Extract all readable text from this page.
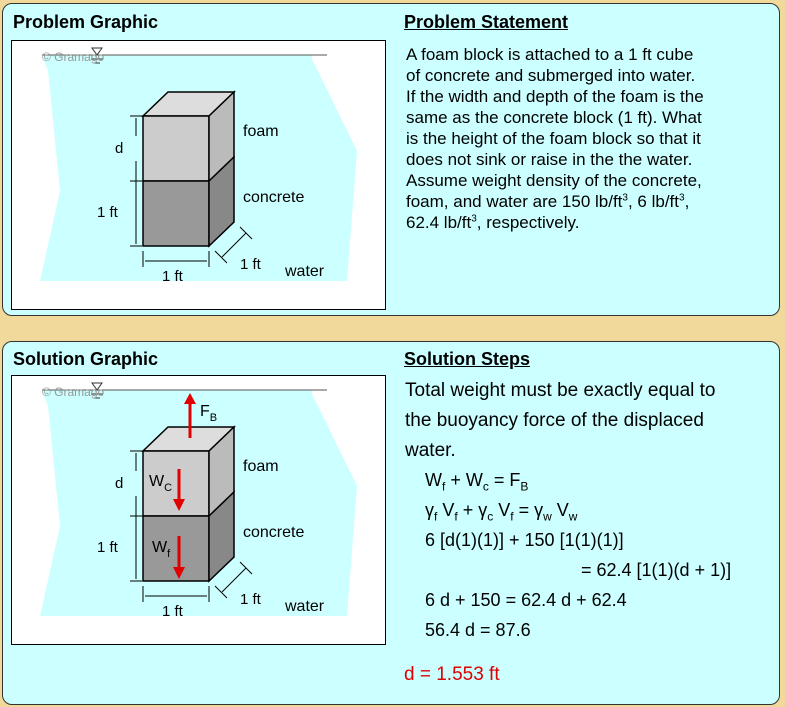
Problem Graphic	Problem Statement
© Gramago
d
1 ft
1 ft
1 ft
foam
concrete
water
A foam block is attached to a 1 ft cube
of concrete and submerged into water.
If the width and depth of the foam is the
same as the concrete block (1 ft). What
is the height of the foam block so that it
does not sink or raise in the the water.
Assume weight density of the concrete,
foam, and water are 150 $lb/ft^3$, 6 $lb/ft^3$,
62.4 $lb/ft^3$, respectively.
Solution Graphic	Solution Steps
© Gramago
$F_B$
$W_C$
$W_f$
d
1 ft
1 ft
1 ft
foam
concrete
water
Total weight must be exactly equal to
the buoyancy force of the displaced
water.
$W_f + W_c = F_B$
$\gamma_f$ $V_f + \gamma_c$ $V_f = \gamma_w$ $V_w$
6 [d(1)(1)] + 150 [1(1)(1)]
= 62.4 [1(1)(d + 1)]
6 d + 150 = 62.4 d + 62.4
56.4 d = 87.6
d = 1.553 ft
